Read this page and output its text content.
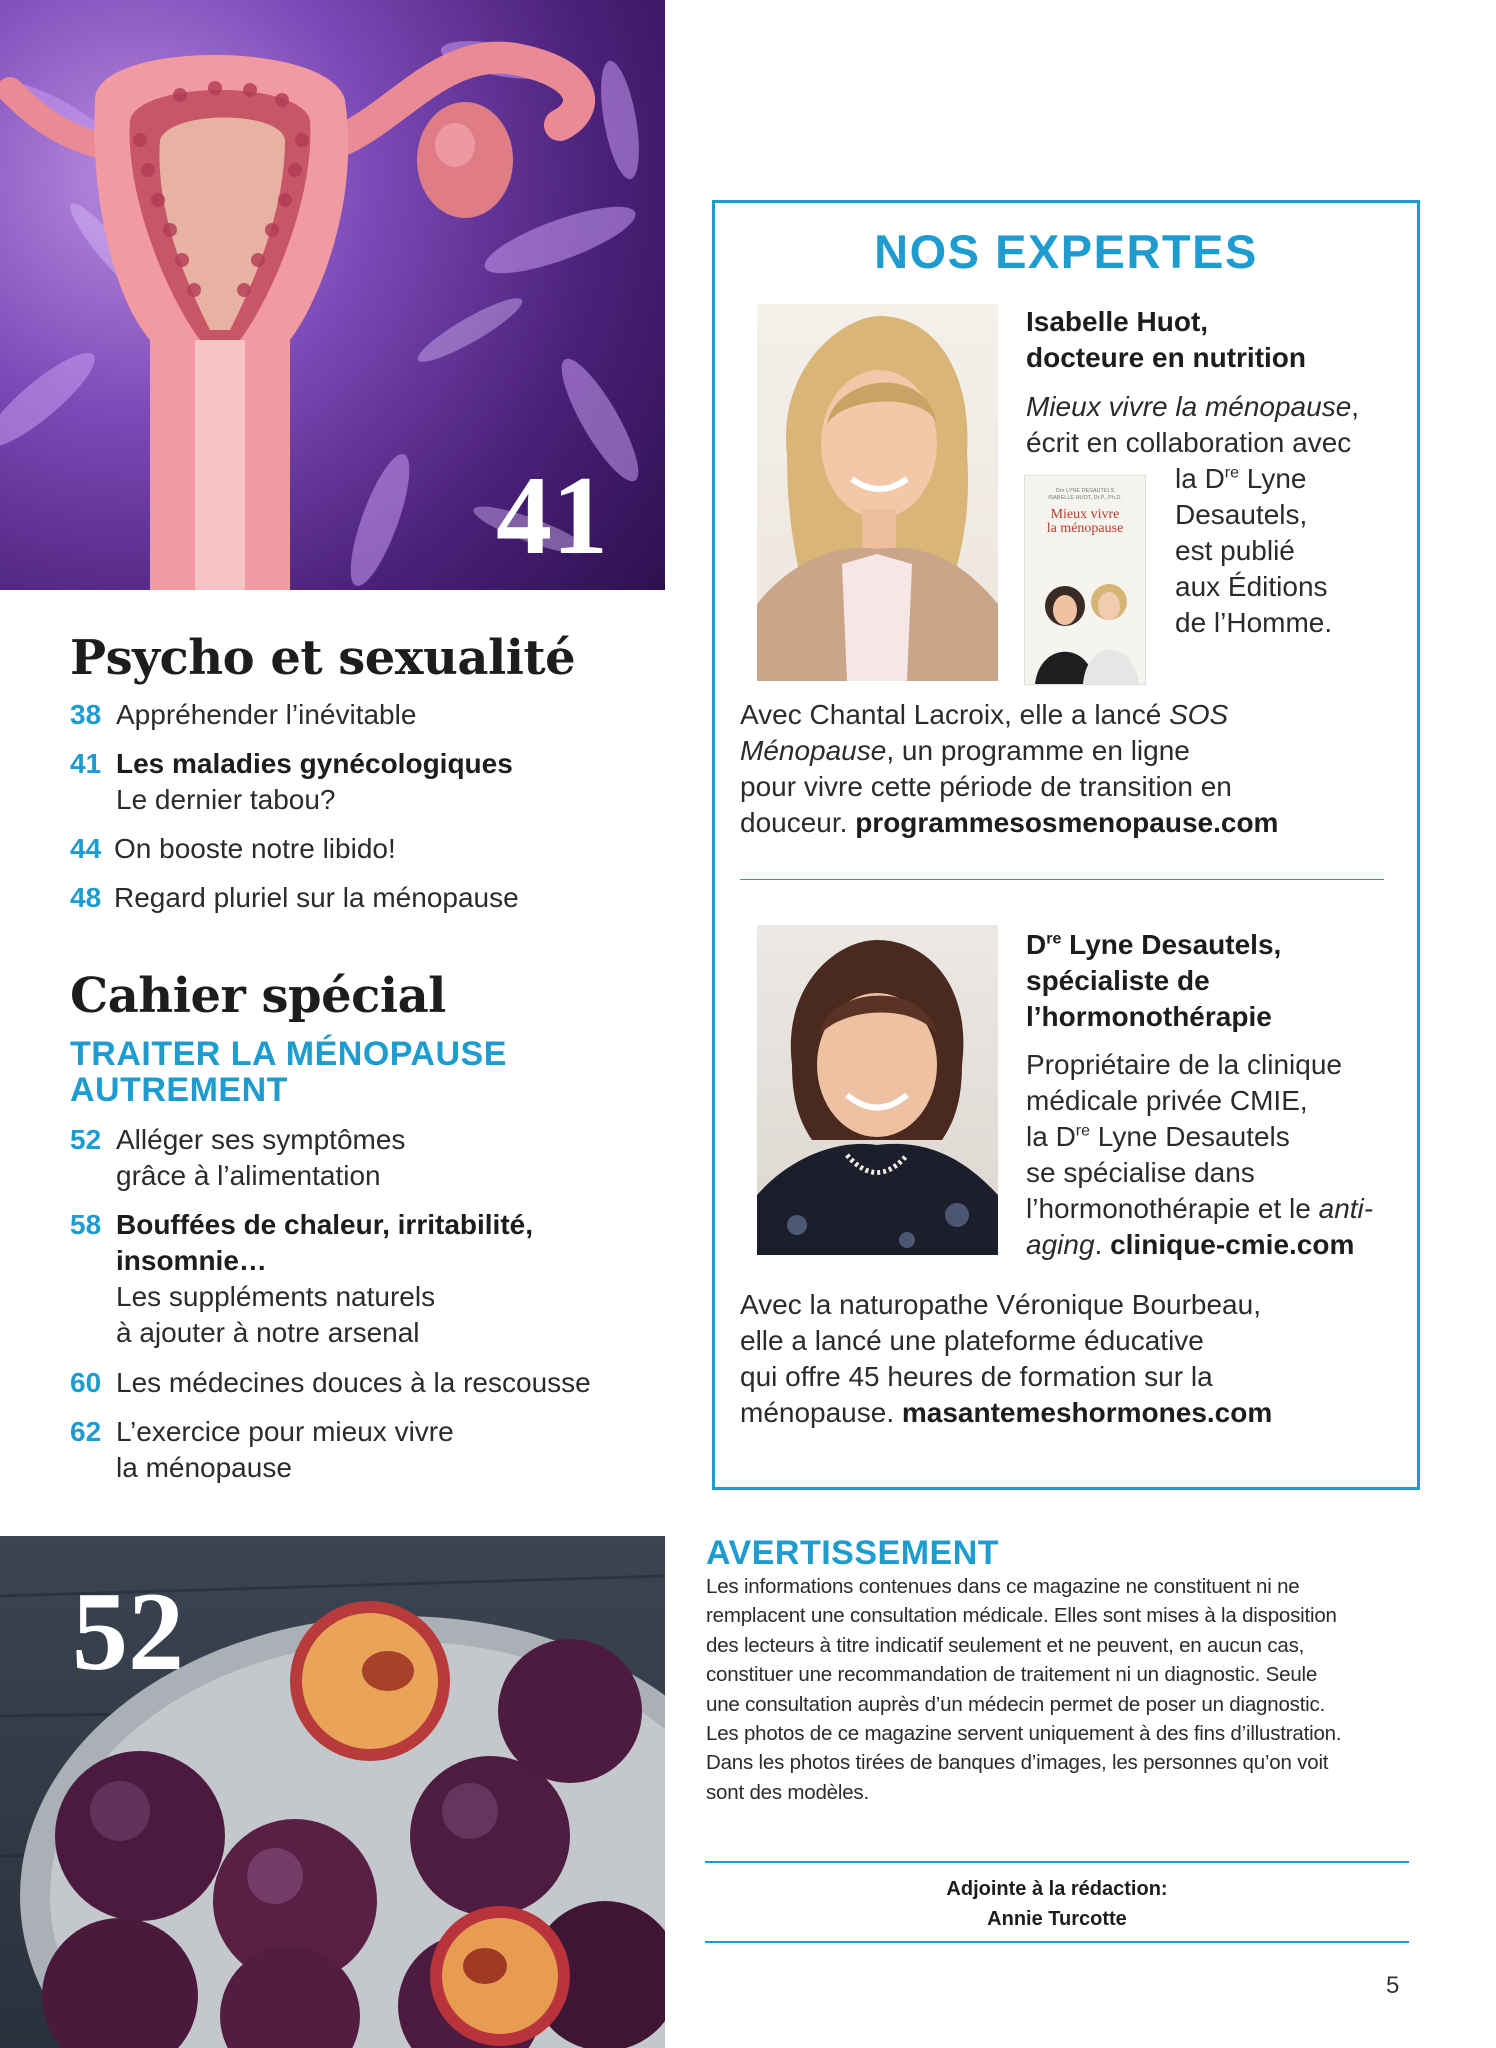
41
Psycho et sexualité
38 Appréhender l’inévitable
41 Les maladies gynécologiques
Le dernier tabou?
44 On booste notre libido!
48 Regard pluriel sur la ménopause
Cahier spécial
TRAITER LA MÉNOPAUSE
AUTREMENT
52 Alléger ses symptômes
grâce à l’alimentation
58 Bouffées de chaleur, irritabilité,
insomnie…
Les suppléments naturels
à ajouter à notre arsenal
60 Les médecines douces à la rescousse
62 L’exercice pour mieux vivre
la ménopause
52
NOS EXPERTES
Isabelle Huot,
docteure en nutrition
Mieux vivre la ménopause,
écrit en collaboration avec
Dre LYNE DESAUTELS
ISABELLE HUOT, Dt.P., Ph.D.
Mieux vivre
la ménopause
la Dre Lyne
Desautels,
est publié
aux Éditions
de l’Homme.
Avec Chantal Lacroix, elle a lancé SOS
Ménopause, un programme en ligne
pour vivre cette période de transition en
douceur. programmesosmenopause.com
Dre Lyne Desautels,
spécialiste de
l’hormonothérapie
Propriétaire de la clinique
médicale privée CMIE,
la Dre Lyne Desautels
se spécialise dans
l’hormonothérapie et le anti-
aging. clinique-cmie.com
Avec la naturopathe Véronique Bourbeau,
elle a lancé une plateforme éducative
qui offre 45 heures de formation sur la
ménopause. masantemeshormones.com
AVERTISSEMENT
Les informations contenues dans ce magazine ne constituent ni ne
remplacent une consultation médicale. Elles sont mises à la disposition
des lecteurs à titre indicatif seulement et ne peuvent, en aucun cas,
constituer une recommandation de traitement ni un diagnostic. Seule
une consultation auprès d’un médecin permet de poser un diagnostic.
Les photos de ce magazine servent uniquement à des fins d’illustration.
Dans les photos tirées de banques d’images, les personnes qu’on voit
sont des modèles.
Adjointe à la rédaction:
Annie Turcotte
5
